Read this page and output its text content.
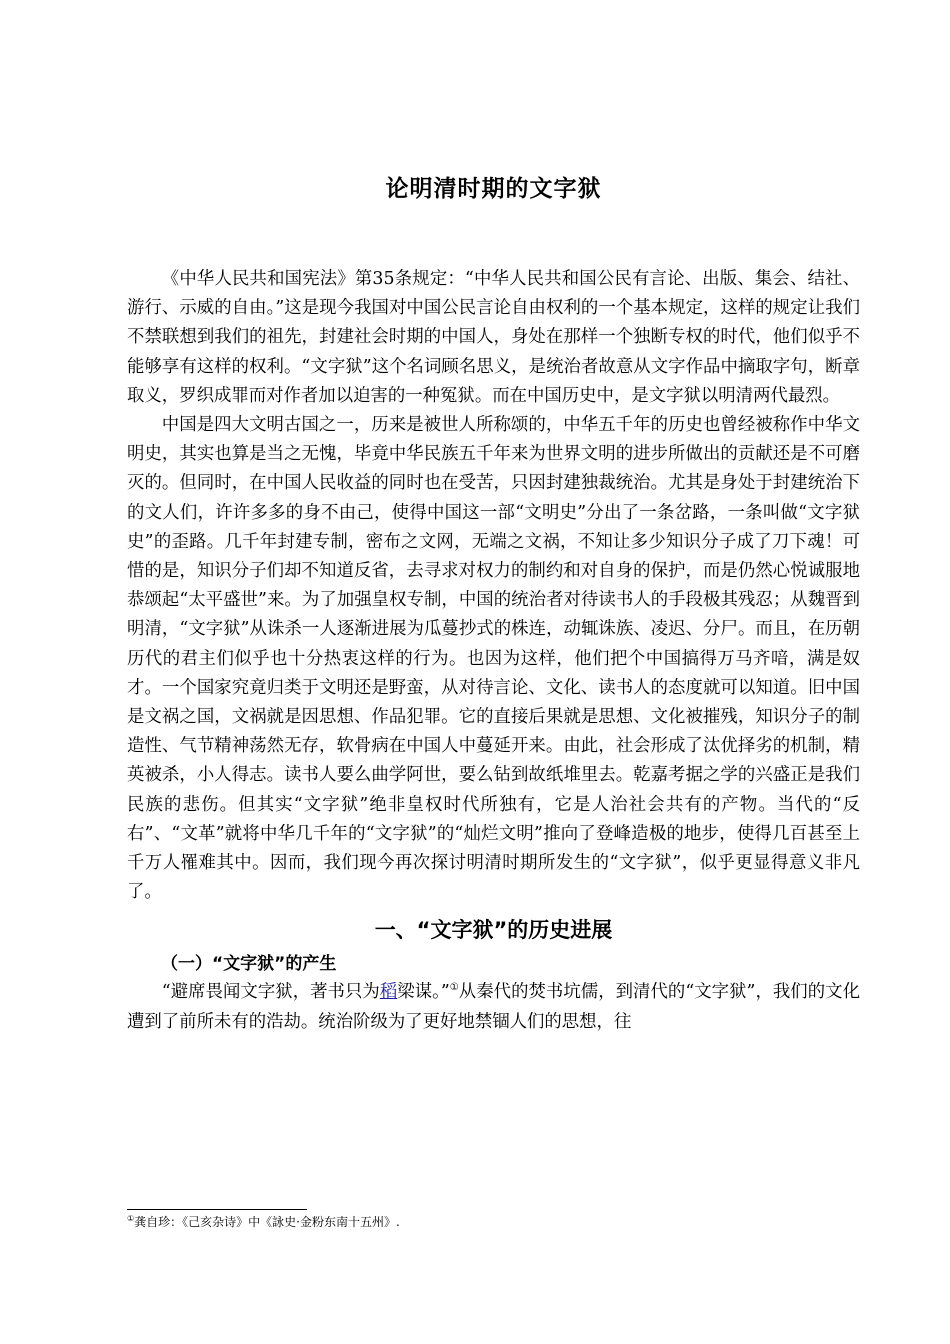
论明清时期的文字狱

《中华人民共和国宪法》第35条规定：“中华人民共和国公民有言论、出版、集会、结社、游行、示威的自由。”这是现今我国对中国公民言论自由权利的一个基本规定，这样的规定让我们不禁联想到我们的祖先，封建社会时期的中国人，身处在那样一个独断专权的时代，他们似乎不能够享有这样的权利。“文字狱”这个名词顾名思义，是统治者故意从文字作品中摘取字句，断章取义，罗织成罪而对作者加以迫害的一种冤狱。而在中国历史中，是文字狱以明清两代最烈。

中国是四大文明古国之一，历来是被世人所称颂的，中华五千年的历史也曾经被称作中华文明史，其实也算是当之无愧，毕竟中华民族五千年来为世界文明的进步所做出的贡献还是不可磨灭的。但同时，在中国人民收益的同时也在受苦，只因封建独裁统治。尤其是身处于封建统治下的文人们，许许多多的身不由己，使得中国这一部“文明史”分出了一条岔路，一条叫做“文字狱史”的歪路。几千年封建专制，密布之文网，无端之文祸，不知让多少知识分子成了刀下魂！可惜的是，知识分子们却不知道反省，去寻求对权力的制约和对自身的保护，而是仍然心悦诚服地恭颂起“太平盛世”来。为了加强皇权专制，中国的统治者对待读书人的手段极其残忍；从魏晋到明清，“文字狱”从诛杀一人逐渐进展为瓜蔓抄式的株连，动辄诛族、凌迟、分尸。而且，在历朝历代的君主们似乎也十分热衷这样的行为。也因为这样，他们把个中国搞得万马齐喑，满是奴才。一个国家究竟归类于文明还是野蛮，从对待言论、文化、读书人的态度就可以知道。旧中国是文祸之国，文祸就是因思想、作品犯罪。它的直接后果就是思想、文化被摧残，知识分子的制造性、气节精神荡然无存，软骨病在中国人中蔓延开来。由此，社会形成了汰优择劣的机制，精英被杀，小人得志。读书人要么曲学阿世，要么钻到故纸堆里去。乾嘉考据之学的兴盛正是我们民族的悲伤。但其实“文字狱”绝非皇权时代所独有，它是人治社会共有的产物。当代的“反右”、“文革”就将中华几千年的“文字狱”的“灿烂文明”推向了登峰造极的地步，使得几百甚至上千万人罹难其中。因而，我们现今再次探讨明清时期所发生的“文字狱”，似乎更显得意义非凡了。

一、“文字狱”的历史进展
（一）“文字狱”的产生

“避席畏闻文字狱，著书只为稻梁谋。”①从秦代的焚书坑儒，到清代的“文字狱”，我们的文化遭到了前所未有的浩劫。统治阶级为了更好地禁锢人们的思想，往

①龚自珍：《己亥杂诗》中《詠史·金粉东南十五州》.
